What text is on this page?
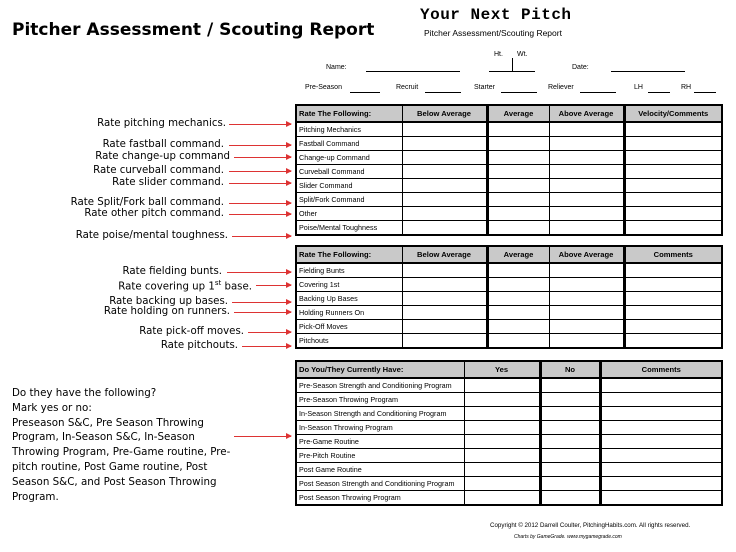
Pitcher Assessment / Scouting Report
Your Next Pitch
Pitcher Assessment/Scouting Report
Ht. Wt.
Name:	Date:
Pre-Season	Recruit	Starter	Reliever	LH	RH
Rate pitching mechanics.
Rate fastball command.
Rate change-up command
Rate curveball command.
Rate slider command.
Rate Split/Fork ball command.
Rate other pitch command.
Rate poise/mental toughness.
Rate fielding bunts.
Rate covering up 1st base.
Rate backing up bases.
Rate holding on runners.
Rate pick-off moves.
Rate pitchouts.
Do they have the following?
Mark yes or no:
Preseason S&C, Pre Season Throwing
Program, In-Season S&C, In-Season
Throwing Program, Pre-Game routine, Pre-
pitch routine, Post Game routine, Post
Season S&C, and Post Season Throwing
Program.
Rate The Following:	Below Average	Average	Above Average	Velocity/Comments
Pitching Mechanics				
Fastball Command				
Change-up Command				
Curveball Command				
Slider Command				
Split/Fork Command				
Other				
Poise/Mental Toughness				
Rate The Following:	Below Average	Average	Above Average	Comments
Fielding Bunts				
Covering 1st				
Backing Up Bases				
Holding Runners On				
Pick-Off Moves				
Pitchouts				
Do You/They Currently Have:	Yes	No	Comments
Pre-Season Strength and Conditioning Program			
Pre-Season Throwing Program			
In-Season Strength and Conditioning Program			
In-Season Throwing Program			
Pre-Game Routine			
Pre-Pitch Routine			
Post Game Routine			
Post Season Strength and Conditioning Program			
Post Season Throwing Program			
Copyright © 2012 Darrell Coulter, PitchingHabits.com. All rights reserved.
Charts by GameGrade. www.mygamegrade.com
